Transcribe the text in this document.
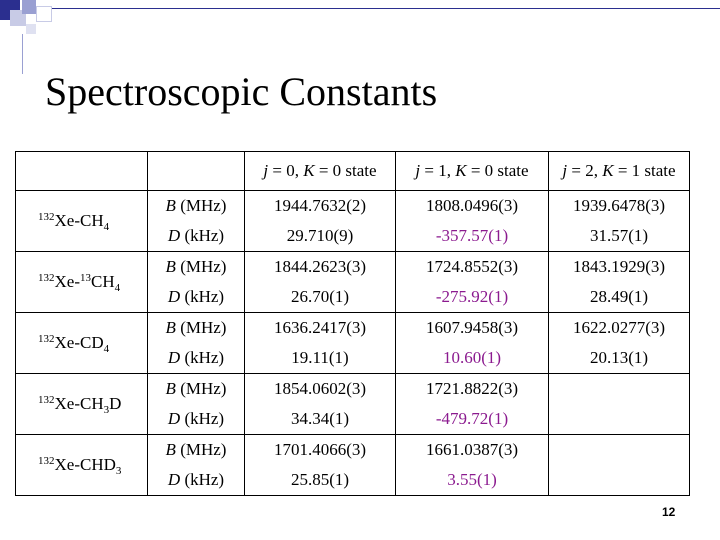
Spectroscopic Constants
		j = 0, K = 0 state	j = 1, K = 0 state	j = 2, K = 1 state
$^{132}Xe-CH_4$	B (MHz)	1944.7632(2)	1808.0496(3)	1939.6478(3)
	D (kHz)	29.710(9)	-357.57(1)	31.57(1)
$^{132}Xe-^{13}CH_4$	B (MHz)	1844.2623(3)	1724.8552(3)	1843.1929(3)
	D (kHz)	26.70(1)	-275.92(1)	28.49(1)
$^{132}Xe-CD_4$	B (MHz)	1636.2417(3)	1607.9458(3)	1622.0277(3)
	D (kHz)	19.11(1)	10.60(1)	20.13(1)
$^{132}Xe-CH_3D$	B (MHz)	1854.0602(3)	1721.8822(3)	
	D (kHz)	34.34(1)	-479.72(1)	
$^{132}Xe-CHD_3$	B (MHz)	1701.4066(3)	1661.0387(3)	
	D (kHz)	25.85(1)	3.55(1)	
12
